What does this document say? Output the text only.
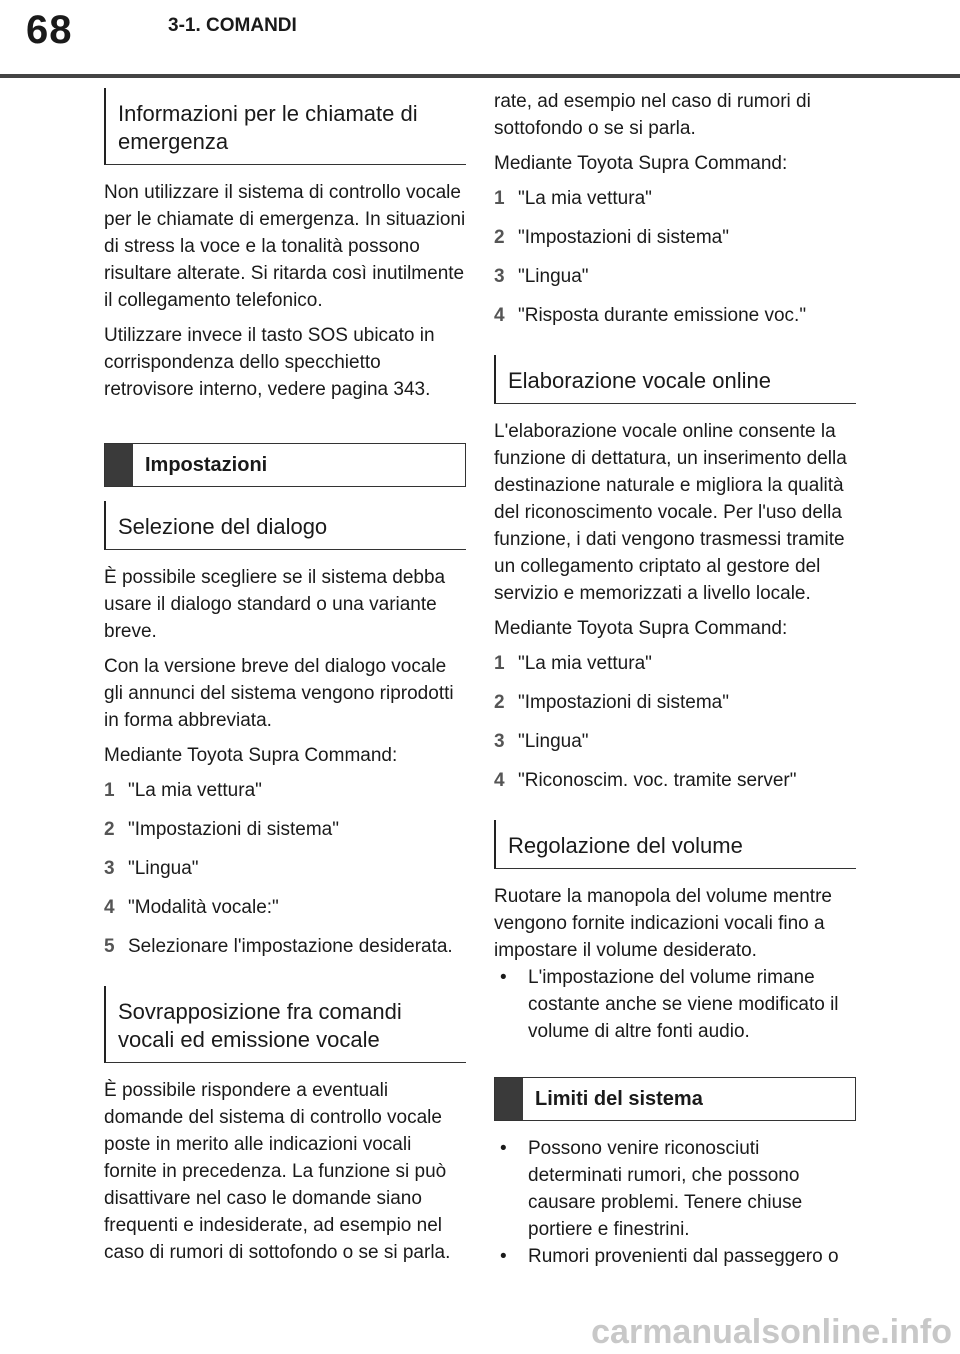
68	3-1. COMANDI
Informazioni per le chiamate di emergenza

Non utilizzare il sistema di controllo vocale per le chiamate di emergenza. In situazioni di stress la voce e la tonalità possono risultare alterate. Si ritarda così inutilmente il collegamento telefonico.

Utilizzare invece il tasto SOS ubicato in corrispondenza dello specchietto retrovisore interno, vedere pagina 343.

Impostazioni
Selezione del dialogo

È possibile scegliere se il sistema debba usare il dialogo standard o una variante breve.

Con la versione breve del dialogo vocale gli annunci del sistema vengono riprodotti in forma abbreviata.

Mediante Toyota Supra Command:

1 "La mia vettura"
2 "Impostazioni di sistema"
3 "Lingua"
4 "Modalità vocale:"
5 Selezionare l'impostazione desiderata.
Sovrapposizione fra comandi vocali ed emissione vocale

È possibile rispondere a eventuali domande del sistema di controllo vocale poste in merito alle indicazioni vocali fornite in precedenza. La funzione si può disattivare nel caso le domande siano frequenti e indesiderate, ad esempio nel caso di rumori di sottofondo o se si parla.

rate, ad esempio nel caso di rumori di sottofondo o se si parla.

Mediante Toyota Supra Command:

1 "La mia vettura"
2 "Impostazioni di sistema"
3 "Lingua"
4 "Risposta durante emissione voc."
Elaborazione vocale online

L'elaborazione vocale online consente la funzione di dettatura, un inserimento della destinazione naturale e migliora la qualità del riconoscimento vocale. Per l'uso della funzione, i dati vengono trasmessi tramite un collegamento criptato al gestore del servizio e memorizzati a livello locale.

Mediante Toyota Supra Command:

1 "La mia vettura"
2 "Impostazioni di sistema"
3 "Lingua"
4 "Riconoscim. voc. tramite server"
Regolazione del volume

Ruotare la manopola del volume mentre vengono fornite indicazioni vocali fino a impostare il volume desiderato.

•	L'impostazione del volume rimane costante anche se viene modificato il volume di altre fonti audio.
Limiti del sistema
•	Possono venire riconosciuti determinati rumori, che possono causare problemi. Tenere chiuse portiere e finestrini.
•	Rumori provenienti dal passeggero o
carmanualsonline.info
